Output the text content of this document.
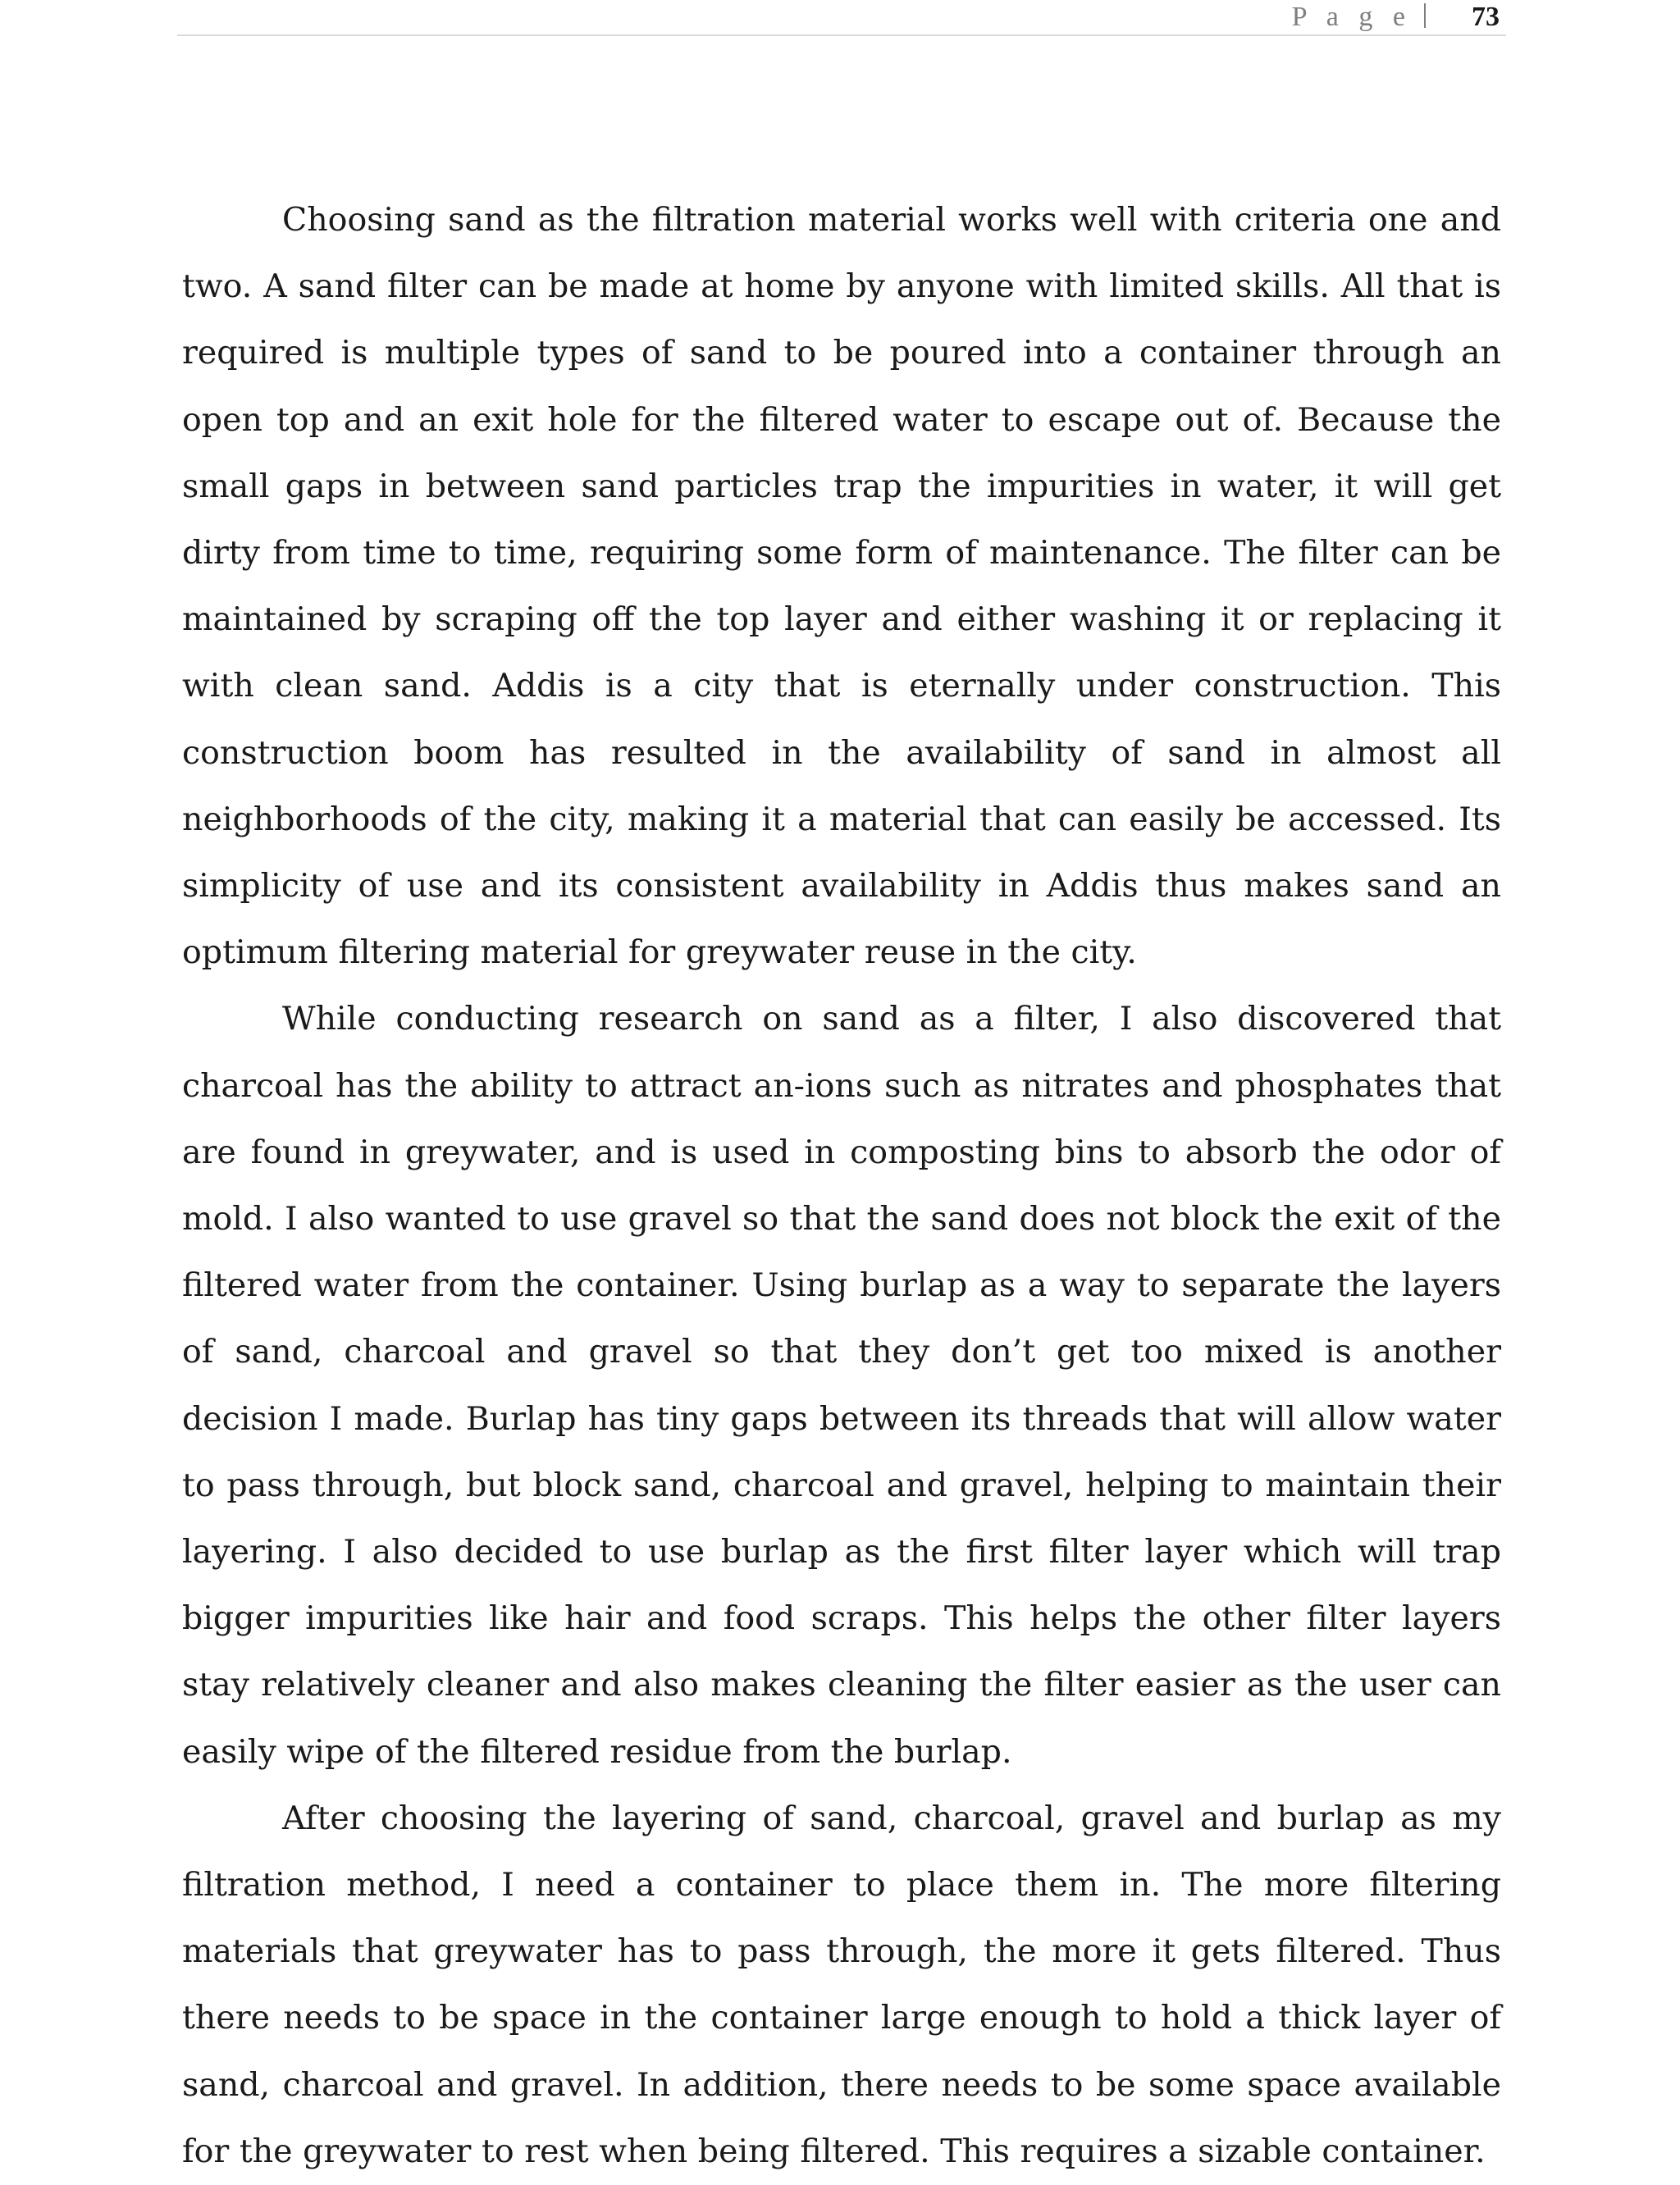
P a g e 73

Choosing sand as the filtration material works well with criteria one and two. A sand filter can be made at home by anyone with limited skills. All that is required is multiple types of sand to be poured into a container through an open top and an exit hole for the filtered water to escape out of. Because the small gaps in between sand particles trap the impurities in water, it will get dirty from time to time, requiring some form of maintenance. The filter can be maintained by scraping off the top layer and either washing it or replacing it with clean sand. Addis is a city that is eternally under construction. This construction boom has resulted in the availability of sand in almost all neighborhoods of the city, making it a material that can easily be accessed. Its simplicity of use and its consistent availability in Addis thus makes sand an optimum filtering material for greywater reuse in the city.

While conducting research on sand as a filter, I also discovered that charcoal has the ability to attract an-ions such as nitrates and phosphates that are found in greywater, and is used in composting bins to absorb the odor of mold. I also wanted to use gravel so that the sand does not block the exit of the filtered water from the container. Using burlap as a way to separate the layers of sand, charcoal and gravel so that they don’t get too mixed is another decision I made. Burlap has tiny gaps between its threads that will allow water to pass through, but block sand, charcoal and gravel, helping to maintain their layering. I also decided to use burlap as the first filter layer which will trap bigger impurities like hair and food scraps. This helps the other filter layers stay relatively cleaner and also makes cleaning the filter easier as the user can easily wipe of the filtered residue from the burlap.

After choosing the layering of sand, charcoal, gravel and burlap as my filtration method, I need a container to place them in. The more filtering materials that greywater has to pass through, the more it gets filtered. Thus there needs to be space in the container large enough to hold a thick layer of sand, charcoal and gravel. In addition, there needs to be some space available for the greywater to rest when being filtered. This requires a sizable container.
